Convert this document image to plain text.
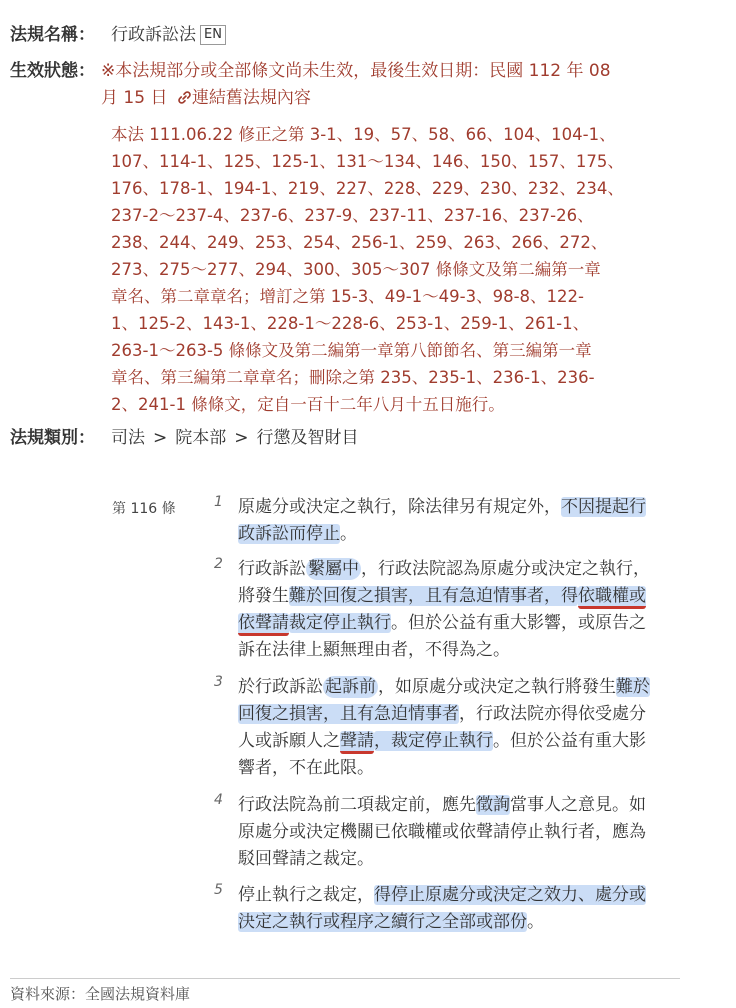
法規名稱： 行政訴訟法 EN
生效狀態： ※本法規部分或全部條文尚未生效，最後生效日期：民國 112 年 08
月 15 日 連結舊法規內容
本法 111.06.22 修正之第 3-1、19、57、58、66、104、104-1、
107、114-1、125、125-1、131～134、146、150、157、175、
176、178-1、194-1、219、227、228、229、230、232、234、
237-2～237-4、237-6、237-9、237-11、237-16、237-26、
238、244、249、253、254、256-1、259、263、266、272、
273、275～277、294、300、305～307 條條文及第二編第一章
章名、第二章章名；增訂之第 15-3、49-1～49-3、98-8、122-
1、125-2、143-1、228-1～228-6、253-1、259-1、261-1、
263-1～263-5 條條文及第二編第一章第八節節名、第三編第一章
章名、第三編第二章章名；刪除之第 235、235-1、236-1、236-
2、241-1 條條文，定自一百十二年八月十五日施行。
法規類別： 司法 > 院本部 > 行懲及智財目
第 116 條	1 原處分或決定之執行，除法律另有規定外，不因提起行
政訴訟而停止。
2 行政訴訟 繫屬中 ，行政法院認為原處分或決定之執行，
將發生難於回復之損害，且有急迫情事者，得依職權或
依聲請裁定停止執行。但於公益有重大影響，或原告之
訴在法律上顯無理由者，不得為之。
3 於行政訴訟 起訴前 ，如原處分或決定之執行將發生難於
回復之損害，且有急迫情事者，行政法院亦得依受處分
人或訴願人之聲請，裁定停止執行。但於公益有重大影
響者，不在此限。
4 行政法院為前二項裁定前，應先徵詢當事人之意見。如
原處分或決定機關已依職權或依聲請停止執行者，應為
駁回聲請之裁定。
5 停止執行之裁定，得停止原處分或決定之效力、處分或
決定之執行或程序之續行之全部或部份。
資料來源：全國法規資料庫
